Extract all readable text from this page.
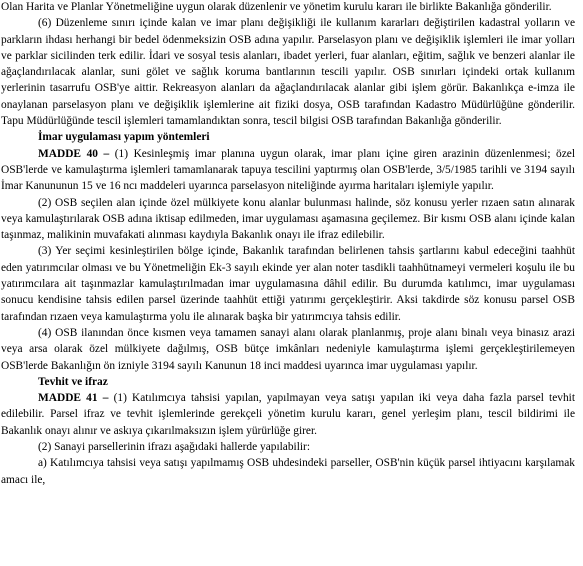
Olan Harita ve Planlar Yönetmeliğine uygun olarak düzenlenir ve yönetim kurulu kararı ile birlikte Bakanlığa gönderilir.

(6) Düzenleme sınırı içinde kalan ve imar planı değişikliği ile kullanım kararları değiştirilen kadastral yolların ve parkların ihdası herhangi bir bedel ödenmeksizin OSB adına yapılır. Parselasyon planı ve değişiklik işlemleri ile imar yolları ve parklar sicilinden terk edilir. İdari ve sosyal tesis alanları, ibadet yerleri, fuar alanları, eğitim, sağlık ve benzeri alanlar ile ağaçlandırılacak alanlar, suni gölet ve sağlık koruma bantlarının tescili yapılır. OSB sınırları içindeki ortak kullanım yerlerinin tasarrufu OSB'ye aittir. Rekreasyon alanları da ağaçlandırılacak alanlar gibi işlem görür. Bakanlıkça e-imza ile onaylanan parselasyon planı ve değişiklik işlemlerine ait fiziki dosya, OSB tarafından Kadastro Müdürlüğüne gönderilir. Tapu Müdürlüğünde tescil işlemleri tamamlandıktan sonra, tescil bilgisi OSB tarafından Bakanlığa gönderilir.

İmar uygulaması yapım yöntemleri

MADDE 40 – (1) Kesinleşmiş imar planına uygun olarak, imar planı içine giren arazinin düzenlenmesi; özel OSB'lerde ve kamulaştırma işlemleri tamamlanarak tapuya tescilini yaptırmış olan OSB'lerde, 3/5/1985 tarihli ve 3194 sayılı İmar Kanununun 15 ve 16 ncı maddeleri uyarınca parselasyon niteliğinde ayırma haritaları işlemiyle yapılır.

(2) OSB seçilen alan içinde özel mülkiyete konu alanlar bulunması halinde, söz konusu yerler rızaen satın alınarak veya kamulaştırılarak OSB adına iktisap edilmeden, imar uygulaması aşamasına geçilemez. Bir kısmı OSB alanı içinde kalan taşınmaz, malikinin muvafakati alınması kaydıyla Bakanlık onayı ile ifraz edilebilir.

(3) Yer seçimi kesinleştirilen bölge içinde, Bakanlık tarafından belirlenen tahsis şartlarını kabul edeceğini taahhüt eden yatırımcılar olması ve bu Yönetmeliğin Ek-3 sayılı ekinde yer alan noter tasdikli taahhütnameyi vermeleri koşulu ile bu yatırımcılara ait taşınmazlar kamulaştırılmadan imar uygulamasına dâhil edilir. Bu durumda katılımcı, imar uygulaması sonucu kendisine tahsis edilen parsel üzerinde taahhüt ettiği yatırımı gerçekleştirir. Aksi takdirde söz konusu parsel OSB tarafından rızaen veya kamulaştırma yolu ile alınarak başka bir yatırımcıya tahsis edilir.

(4) OSB ilanından önce kısmen veya tamamen sanayi alanı olarak planlanmış, proje alanı binalı veya binasız arazi veya arsa olarak özel mülkiyete dağılmış, OSB bütçe imkânları nedeniyle kamulaştırma işlemi gerçekleştirilemeyen OSB'lerde Bakanlığın ön izniyle 3194 sayılı Kanunun 18 inci maddesi uyarınca imar uygulaması yapılır.

Tevhit ve ifraz

MADDE 41 – (1) Katılımcıya tahsisi yapılan, yapılmayan veya satışı yapılan iki veya daha fazla parsel tevhit edilebilir. Parsel ifraz ve tevhit işlemlerinde gerekçeli yönetim kurulu kararı, genel yerleşim planı, tescil bildirimi ile Bakanlık onayı alınır ve askıya çıkarılmaksızın işlem yürürlüğe girer.

(2) Sanayi parsellerinin ifrazı aşağıdaki hallerde yapılabilir:

a) Katılımcıya tahsisi veya satışı yapılmamış OSB uhdesindeki parseller, OSB'nin küçük parsel ihtiyacını karşılamak amacı ile,
